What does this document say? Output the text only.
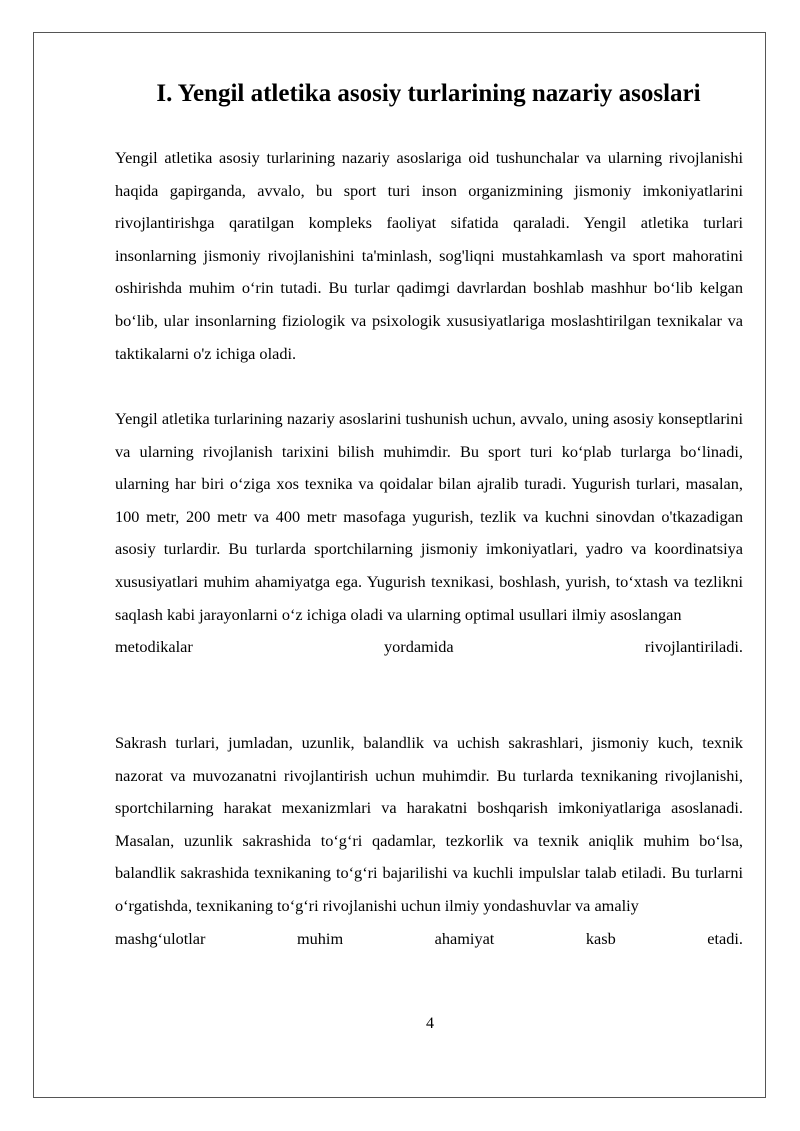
I. Yengil atletika asosiy turlarining nazariy asoslari

Yengil atletika asosiy turlarining nazariy asoslariga oid tushunchalar va ularning rivojlanishi haqida gapirganda, avvalo, bu sport turi inson organizmining jismoniy imkoniyatlarini rivojlantirishga qaratilgan kompleks faoliyat sifatida qaraladi. Yengil atletika turlari insonlarning jismoniy rivojlanishini ta'minlash, sog'liqni mustahkamlash va sport mahoratini oshirishda muhim o‘rin tutadi. Bu turlar qadimgi davrlardan boshlab mashhur bo‘lib kelgan bo‘lib, ular insonlarning fiziologik va psixologik xususiyatlariga moslashtirilgan texnikalar va taktikalarni o'z ichiga oladi.

Yengil atletika turlarining nazariy asoslarini tushunish uchun, avvalo, uning asosiy konseptlarini va ularning rivojlanish tarixini bilish muhimdir. Bu sport turi ko‘plab turlarga bo‘linadi, ularning har biri o‘ziga xos texnika va qoidalar bilan ajralib turadi. Yugurish turlari, masalan, 100 metr, 200 metr va 400 metr masofaga yugurish, tezlik va kuchni sinovdan o'tkazadigan asosiy turlardir. Bu turlarda sportchilarning jismoniy imkoniyatlari, yadro va koordinatsiya xususiyatlari muhim ahamiyatga ega. Yugurish texnikasi, boshlash, yurish, to‘xtash va tezlikni saqlash kabi jarayonlarni o‘z ichiga oladi va ularning optimal usullari ilmiy asoslangan
metodikalar yordamida rivojlantiriladi.

Sakrash turlari, jumladan, uzunlik, balandlik va uchish sakrashlari, jismoniy kuch, texnik nazorat va muvozanatni rivojlantirish uchun muhimdir. Bu turlarda texnikaning rivojlanishi, sportchilarning harakat mexanizmlari va harakatni boshqarish imkoniyatlariga asoslanadi. Masalan, uzunlik sakrashida to‘g‘ri qadamlar, tezkorlik va texnik aniqlik muhim bo‘lsa, balandlik sakrashida texnikaning to‘g‘ri bajarilishi va kuchli impulslar talab etiladi. Bu turlarni o‘rgatishda, texnikaning to‘g‘ri rivojlanishi uchun ilmiy yondashuvlar va amaliy
mashg‘ulotlar muhim ahamiyat kasb etadi.

4
